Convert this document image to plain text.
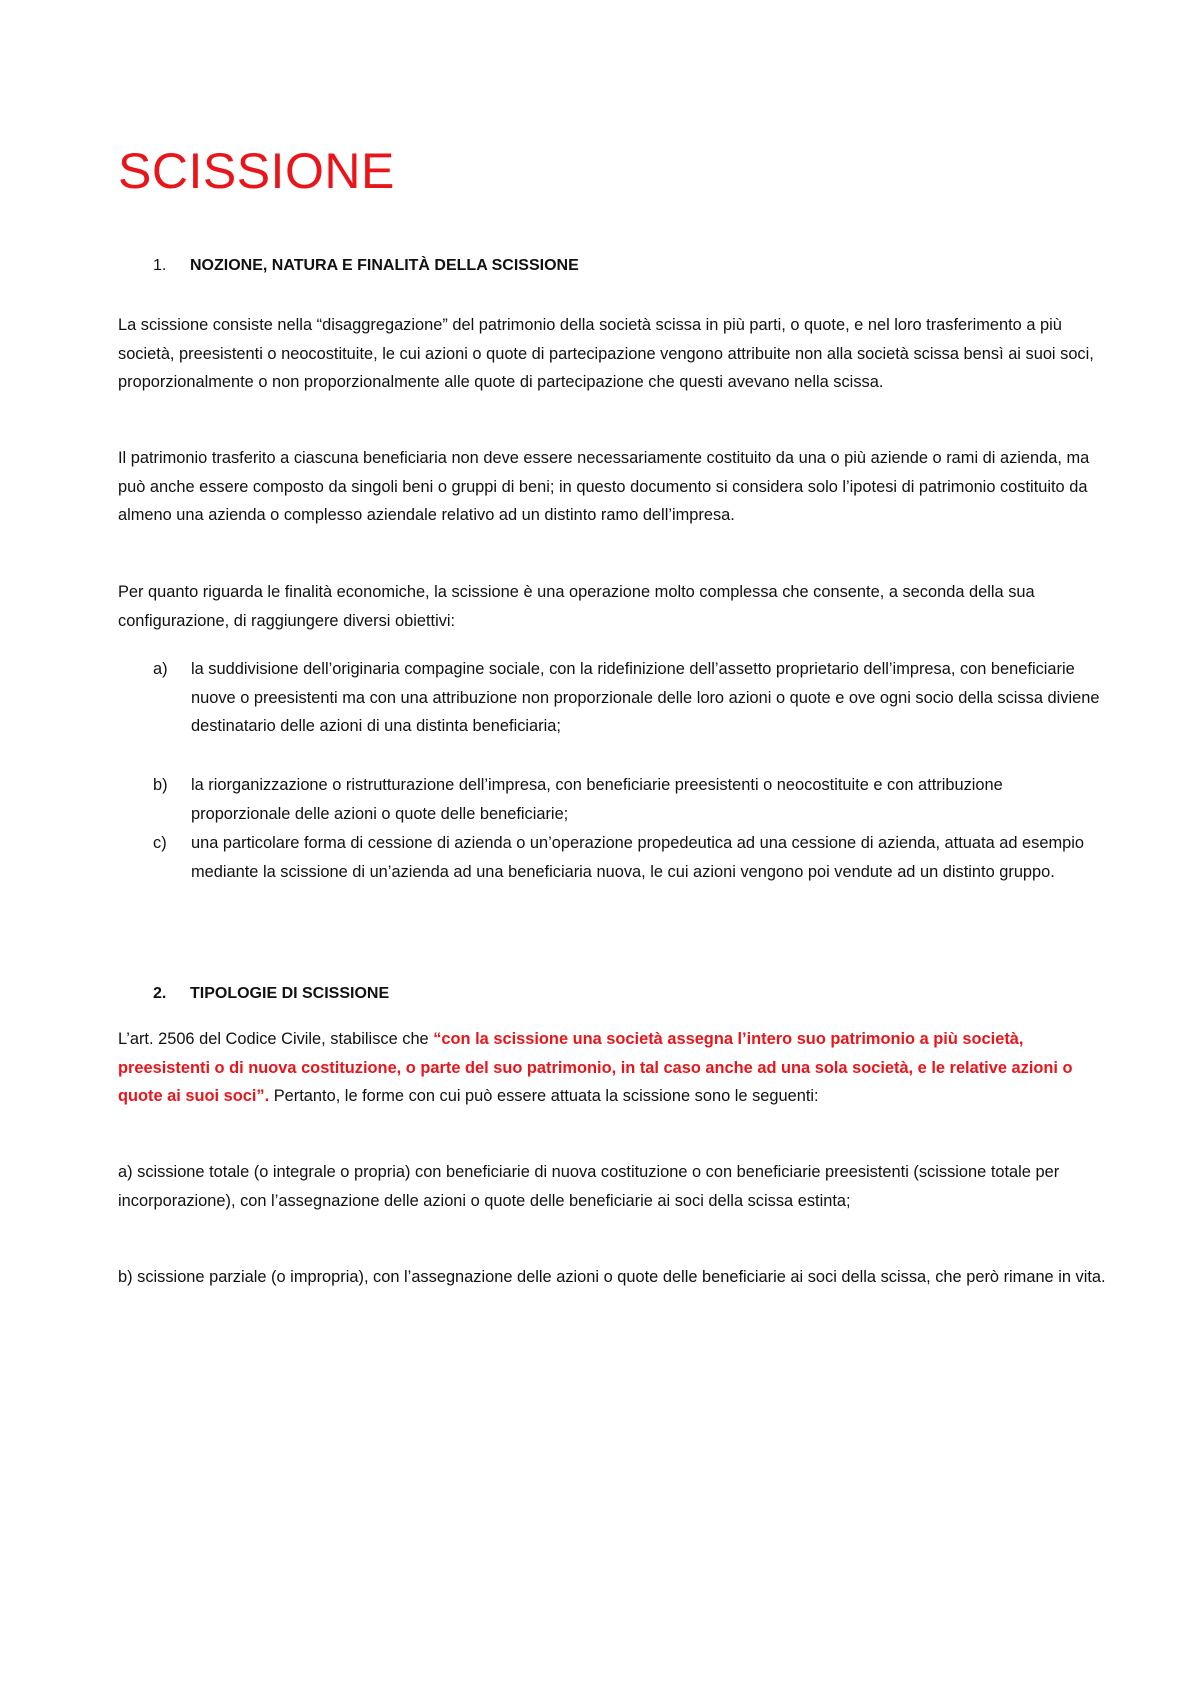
SCISSIONE
1.	NOZIONE, NATURA E FINALITÀ DELLA SCISSIONE
La scissione consiste nella “disaggregazione” del patrimonio della società scissa in più parti, o quote, e nel loro trasferimento a più società, preesistenti o neocostituite, le cui azioni o quote di partecipazione vengono attribuite non alla società scissa bensì ai suoi soci, proporzionalmente o non proporzionalmente alle quote di partecipazione che questi avevano nella scissa.
Il patrimonio trasferito a ciascuna beneficiaria non deve essere necessariamente costituito da una o più aziende o rami di azienda, ma può anche essere composto da singoli beni o gruppi di beni; in questo documento si considera solo l’ipotesi di patrimonio costituito da almeno una azienda o complesso aziendale relativo ad un distinto ramo dell’impresa.
Per quanto riguarda le finalità economiche, la scissione è una operazione molto complessa che consente, a seconda della sua configurazione, di raggiungere diversi obiettivi:
a) la suddivisione dell’originaria compagine sociale, con la ridefinizione dell’assetto proprietario dell’impresa, con beneficiarie nuove o preesistenti ma con una attribuzione non proporzionale delle loro azioni o quote e ove ogni socio della scissa diviene destinatario delle azioni di una distinta beneficiaria;
b) la riorganizzazione o ristrutturazione dell’impresa, con beneficiarie preesistenti o neocostituite e con attribuzione proporzionale delle azioni o quote delle beneficiarie;
c) una particolare forma di cessione di azienda o un’operazione propedeutica ad una cessione di azienda, attuata ad esempio mediante la scissione di un’azienda ad una beneficiaria nuova, le cui azioni vengono poi vendute ad un distinto gruppo.
2.	TIPOLOGIE DI SCISSIONE
L’art. 2506 del Codice Civile, stabilisce che “con la scissione una società assegna l’intero suo patrimonio a più società, preesistenti o di nuova costituzione, o parte del suo patrimonio, in tal caso anche ad una sola società, e le relative azioni o quote ai suoi soci”. Pertanto, le forme con cui può essere attuata la scissione sono le seguenti:
a) scissione totale (o integrale o propria) con beneficiarie di nuova costituzione o con beneficiarie preesistenti (scissione totale per incorporazione), con l’assegnazione delle azioni o quote delle beneficiarie ai soci della scissa estinta;
b) scissione parziale (o impropria), con l’assegnazione delle azioni o quote delle beneficiarie ai soci della scissa, che però rimane in vita.
